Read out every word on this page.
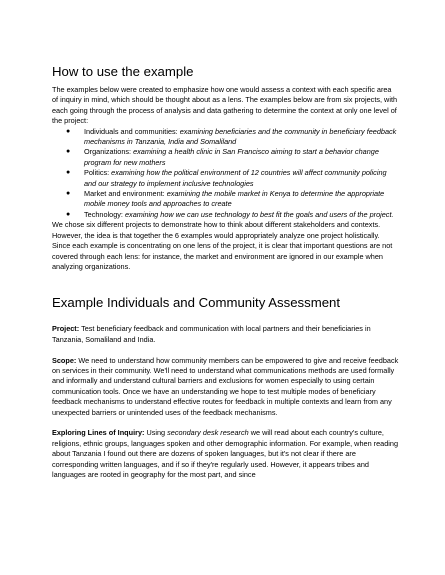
How to use the example

The examples below were created to emphasize how one would assess a context with each specific area of inquiry in mind, which should be thought about as a lens. The examples below are from six projects, with each going through the process of analysis and data gathering to determine the context at only one level of the project:

●	Individuals and communities: examining beneficiaries and the community in beneficiary feedback mechanisms in Tanzania, India and Somaliland
●	Organizations: examining a health clinic in San Francisco aiming to start a behavior change program for new mothers
●	Politics: examining how the political environment of 12 countries will affect community policing and our strategy to implement inclusive technologies
●	Market and environment: examining the mobile market in Kenya to determine the appropriate mobile money tools and approaches to create
●	Technology: examining how we can use technology to best fit the goals and users of the project.

We chose six different projects to demonstrate how to think about different stakeholders and contexts. However, the idea is that together the 6 examples would appropriately analyze one project holistically. Since each example is concentrating on one lens of the project, it is clear that important questions are not covered through each lens: for instance, the market and environment are ignored in our example when analyzing organizations.

Example Individuals and Community Assessment

Project: Test beneficiary feedback and communication with local partners and their beneficiaries in Tanzania, Somaliland and India.

Scope: We need to understand how community members can be empowered to give and receive feedback on services in their community. We'll need to understand what communications methods are used formally and informally and understand cultural barriers and exclusions for women especially to using certain communication tools. Once we have an understanding we hope to test multiple modes of beneficiary feedback mechanisms to understand effective routes for feedback in multiple contexts and learn from any unexpected barriers or unintended uses of the feedback mechanisms.

Exploring Lines of Inquiry: Using secondary desk research we will read about each country's culture, religions, ethnic groups, languages spoken and other demographic information. For example, when reading about Tanzania I found out there are dozens of spoken languages, but it's not clear if there are corresponding written languages, and if so if they're regularly used. However, it appears tribes and languages are rooted in geography for the most part, and since
